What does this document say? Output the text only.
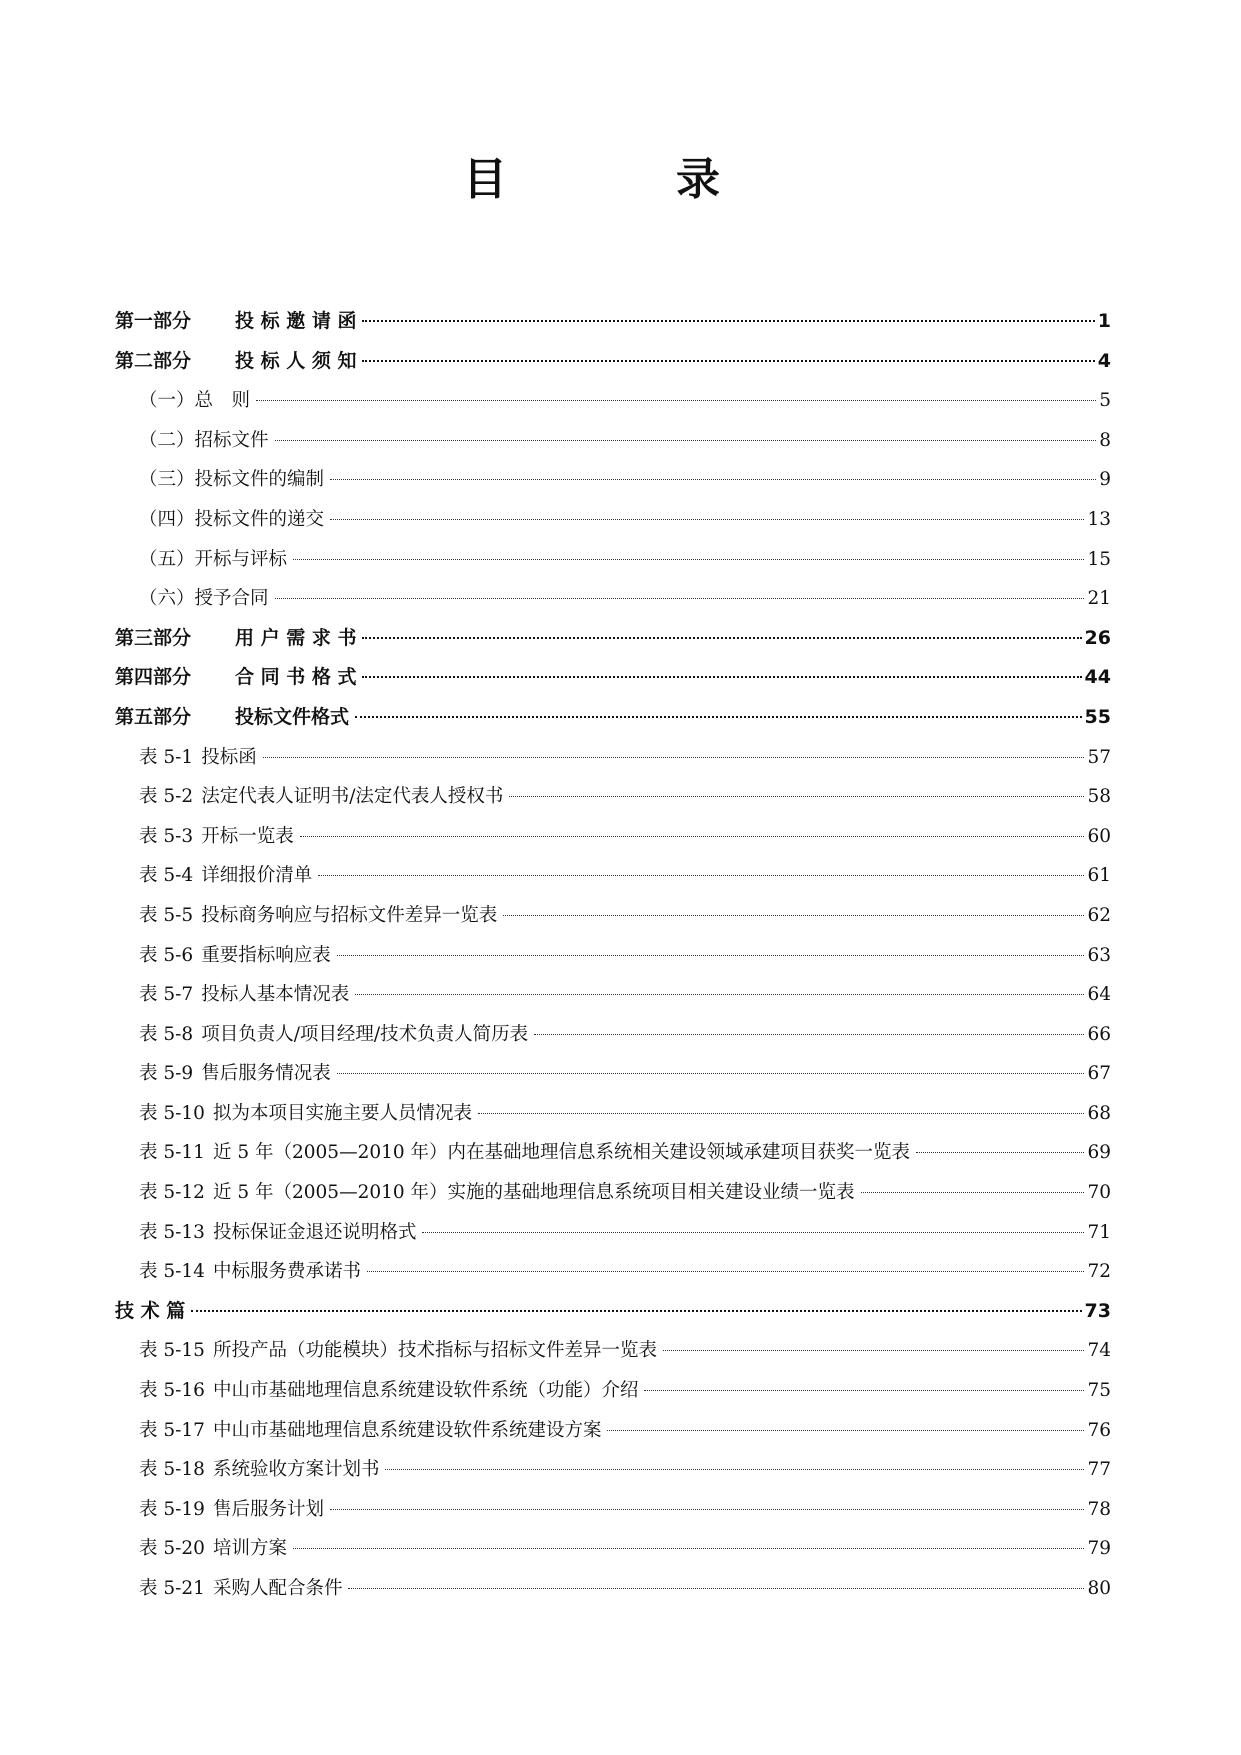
目	录
第一部分 投 标 邀 请 函	1
第二部分 投 标 人 须 知	4
（一）总　则	5
（二）招标文件	8
（三）投标文件的编制	9
（四）投标文件的递交	13
（五）开标与评标	15
（六）授予合同	21
第三部分 用 户 需 求 书	26
第四部分 合 同 书 格 式	44
第五部分 投标文件格式	55
表 5-1 投标函	57
表 5-2 法定代表人证明书/法定代表人授权书	58
表 5-3 开标一览表	60
表 5-4 详细报价清单	61
表 5-5 投标商务响应与招标文件差异一览表	62
表 5-6 重要指标响应表	63
表 5-7 投标人基本情况表	64
表 5-8 项目负责人/项目经理/技术负责人简历表	66
表 5-9 售后服务情况表	67
表 5-10 拟为本项目实施主要人员情况表	68
表 5-11 近 5 年（2005—2010 年）内在基础地理信息系统相关建设领域承建项目获奖一览表	69
表 5-12 近 5 年（2005—2010 年）实施的基础地理信息系统项目相关建设业绩一览表	70
表 5-13 投标保证金退还说明格式	71
表 5-14 中标服务费承诺书	72
技 术 篇	73
表 5-15 所投产品（功能模块）技术指标与招标文件差异一览表	74
表 5-16 中山市基础地理信息系统建设软件系统（功能）介绍	75
表 5-17 中山市基础地理信息系统建设软件系统建设方案	76
表 5-18 系统验收方案计划书	77
表 5-19 售后服务计划	78
表 5-20 培训方案	79
表 5-21 采购人配合条件	80
